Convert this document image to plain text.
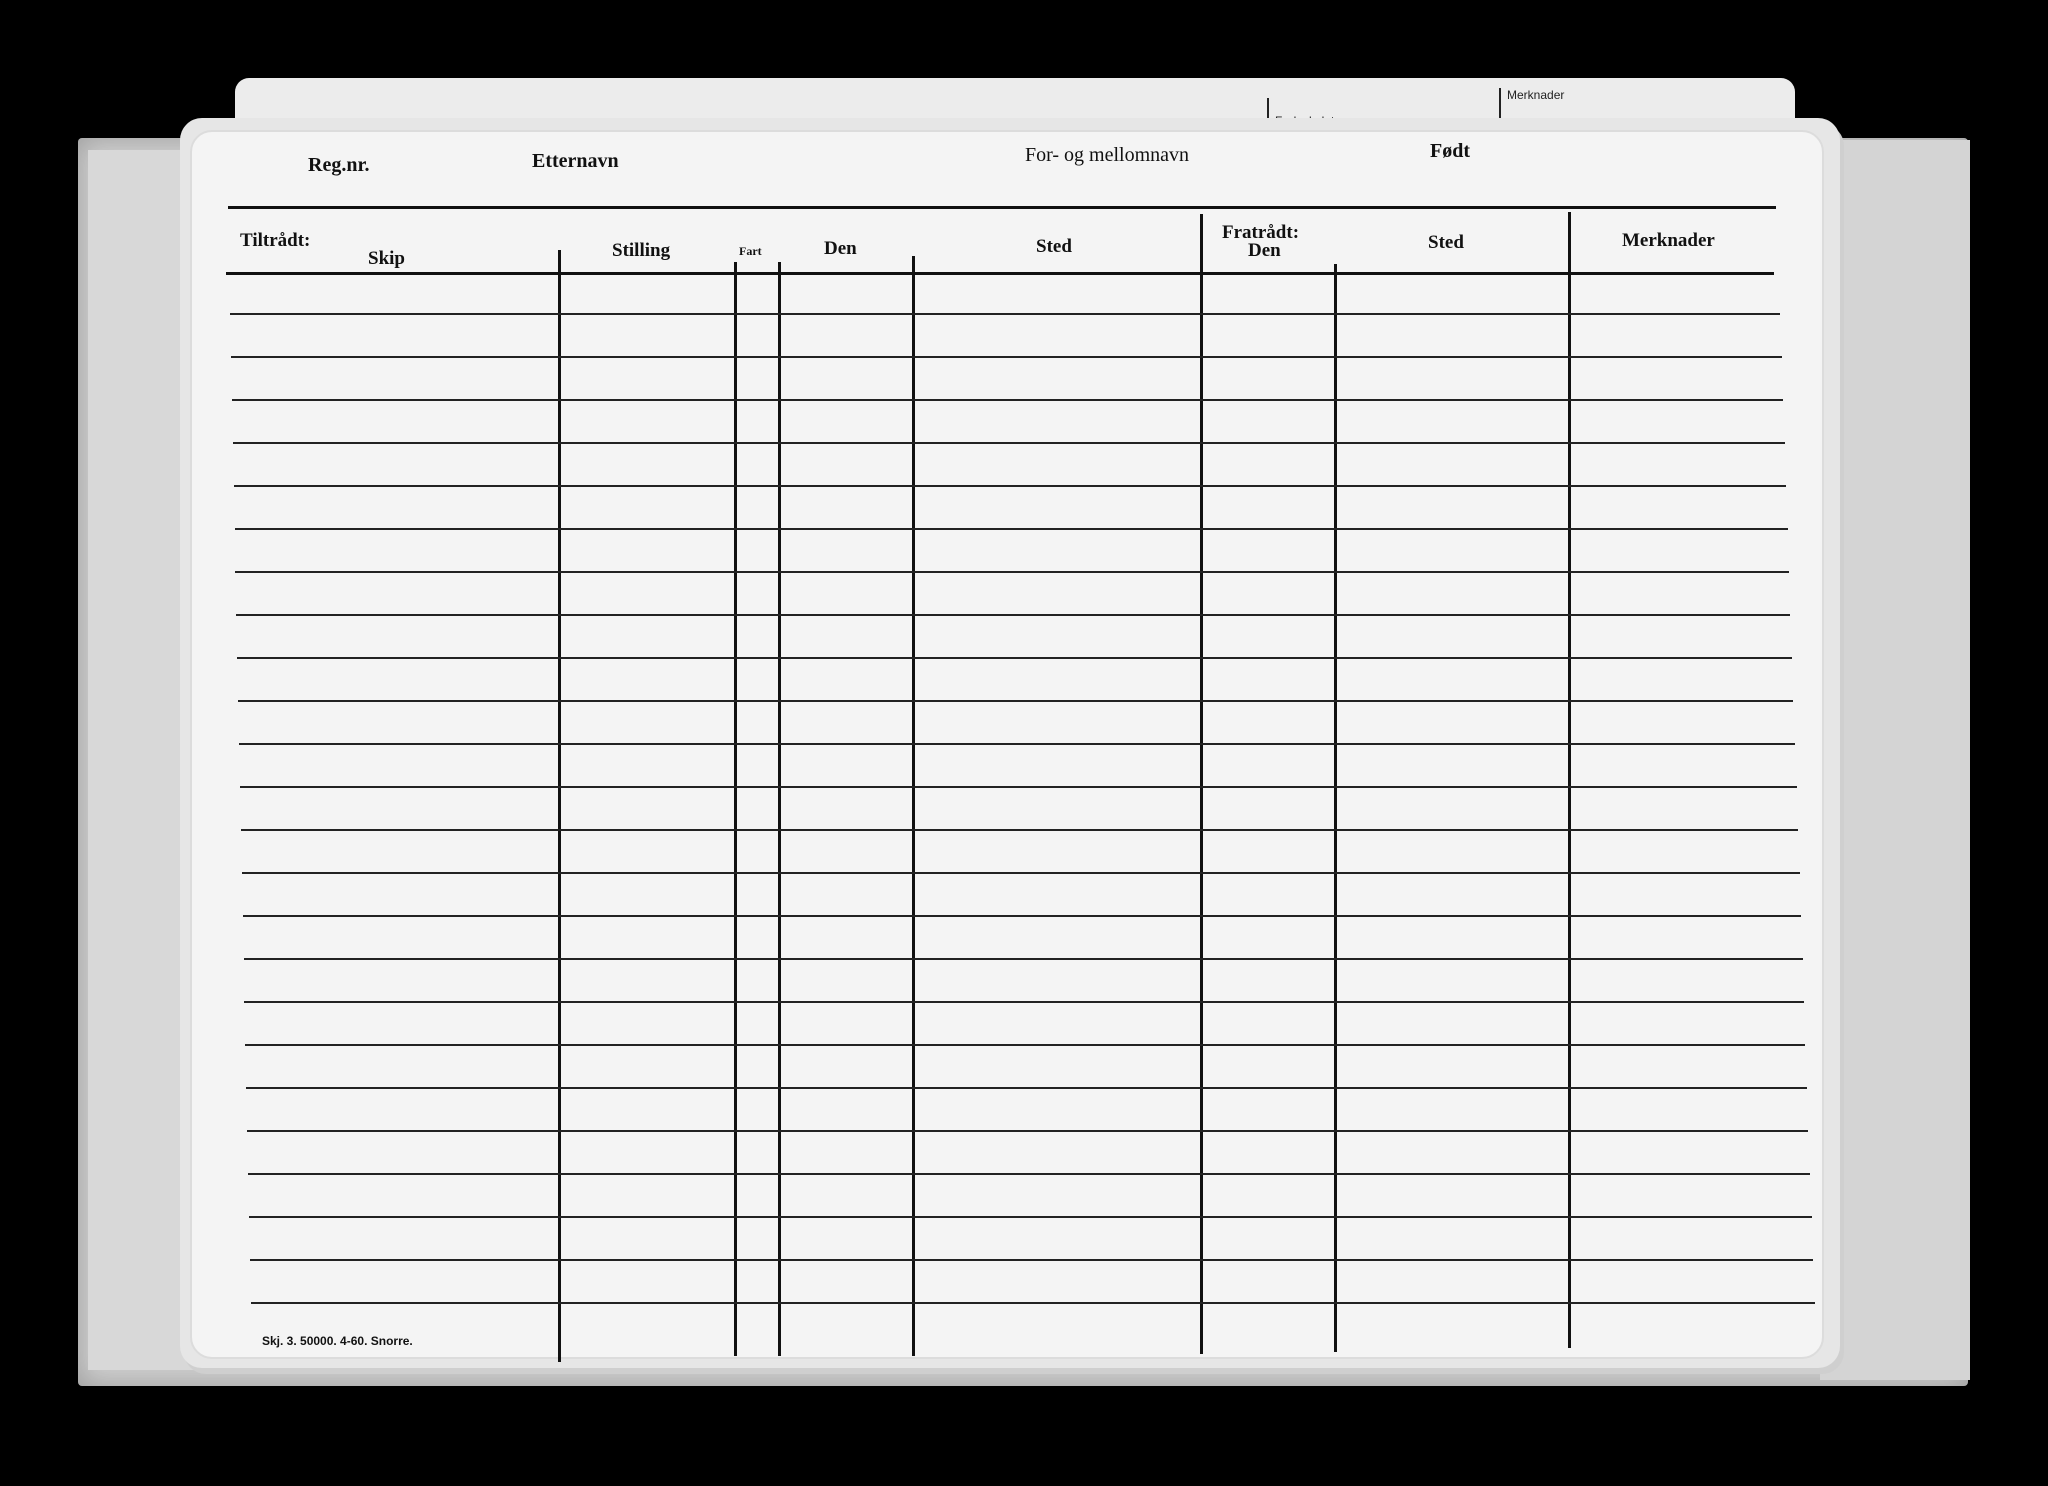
Merknader
Reg.nr.	Etternavn	For- og mellomnavn	Født
Tiltrådt:
Skip	Stilling	Fart	Den	Sted
Fratrådt:
Den	Sted	Merknader
Skj. 3. 50000. 4-60. Snorre.
